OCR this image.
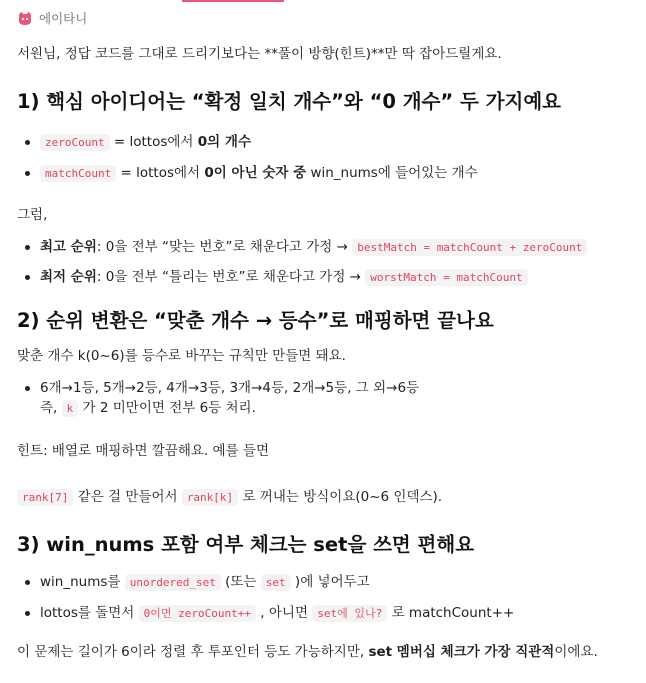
에이타니

서원님, 정답 코드를 그대로 드리기보다는 **풀이 방향(힌트)**만 딱 잡아드릴게요.

1) 핵심 아이디어는 “확정 일치 개수”와 “0 개수” 두 가지예요
zeroCount = lottos에서 0의 개수
matchCount = lottos에서 0이 아닌 숫자 중 win_nums에 들어있는 개수

그럼,

최고 순위: 0을 전부 “맞는 번호”로 채운다고 가정 → bestMatch = matchCount + zeroCount
최저 순위: 0을 전부 “틀리는 번호”로 채운다고 가정 → worstMatch = matchCount
2) 순위 변환은 “맞춘 개수 → 등수”로 매핑하면 끝나요

맞춘 개수 k(0~6)를 등수로 바꾸는 규칙만 만들면 돼요.

6개→1등, 5개→2등, 4개→3등, 3개→4등, 2개→5등, 그 외→6등
즉, k 가 2 미만이면 전부 6등 처리.

힌트: 배열로 매핑하면 깔끔해요. 예를 들면

rank[7] 같은 걸 만들어서 rank[k] 로 꺼내는 방식이요(0~6 인덱스).

3) win_nums 포함 여부 체크는 set을 쓰면 편해요
win_nums를 unordered_set (또는 set )에 넣어두고
lottos를 돌면서 0이면 zeroCount++ , 아니면 set에 있나? 로 matchCount++

이 문제는 길이가 6이라 정렬 후 투포인터 등도 가능하지만, set 멤버십 체크가 가장 직관적이에요.
